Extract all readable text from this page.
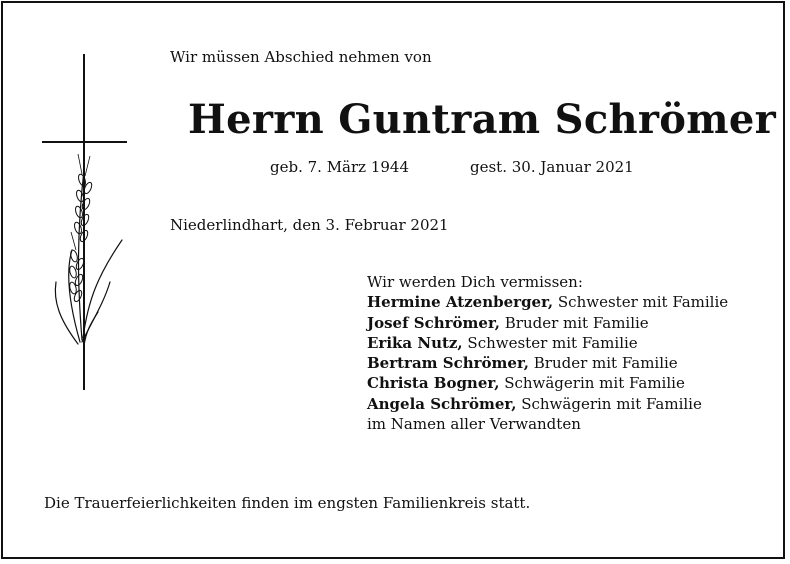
Wir müssen Abschied nehmen von
Herrn Guntram Schrömer
geb. 7. März 1944	gest. 30. Januar 2021
Niederlindhart, den 3. Februar 2021
Wir werden Dich vermissen:
Hermine Atzenberger, Schwester mit Familie
Josef Schrömer, Bruder mit Familie
Erika Nutz, Schwester mit Familie
Bertram Schrömer, Bruder mit Familie
Christa Bogner, Schwägerin mit Familie
Angela Schrömer, Schwägerin mit Familie
im Namen aller Verwandten
Die Trauerfeierlichkeiten finden im engsten Familienkreis statt.
